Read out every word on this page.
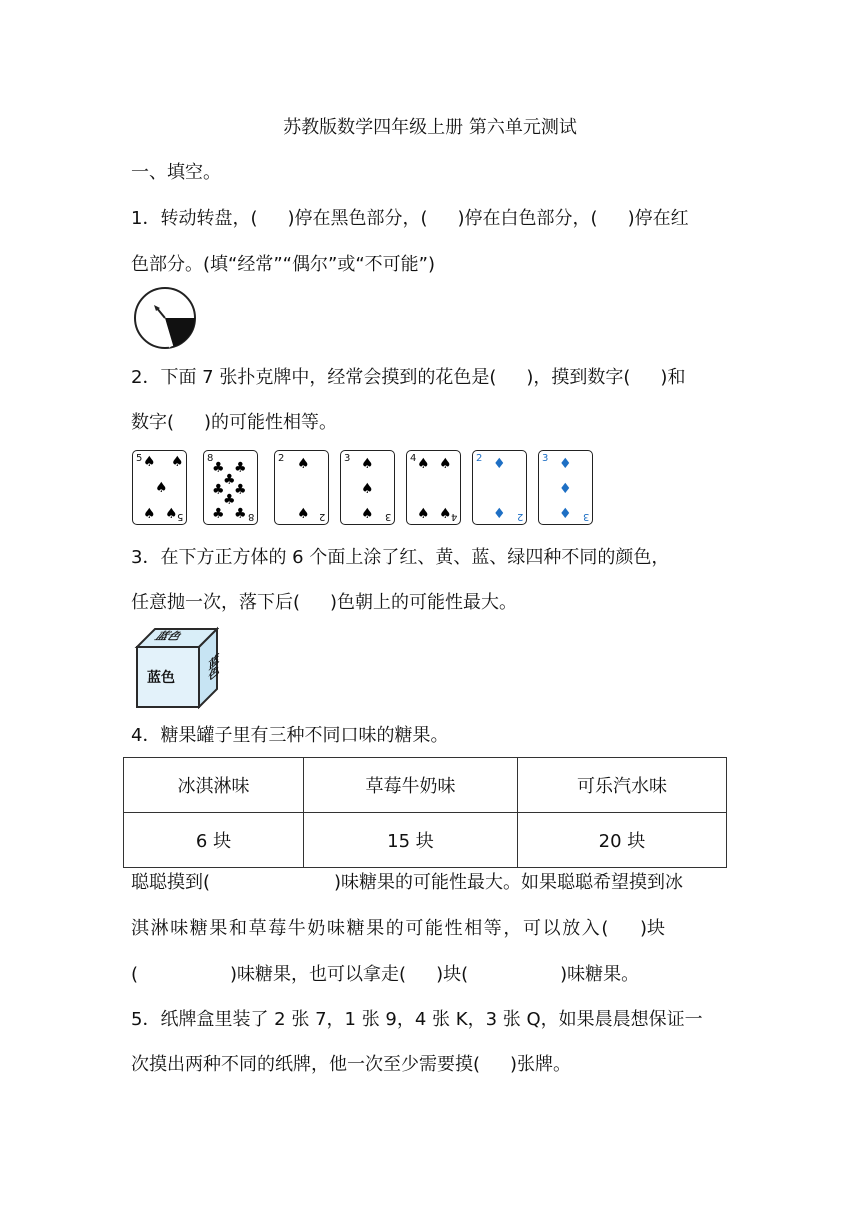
苏教版数学四年级上册 第六单元测试
一、填空。
1．转动转盘，( )停在黑色部分，( )停在白色部分，( )停在红
色部分。(填“经常”“偶尔”或“不可能”)
2．下面 7 张扑克牌中，经常会摸到的花色是( )，摸到数字( )和
数字( )的可能性相等。
5 ♠ ♠
♠
♠ ♠ 5
8
♣ ♣
♣
♣ ♣
♣
♣ ♣ 8
2 ♠
♠ 2
3 ♠
♠
♠ 3
4 ♠ ♠
♠ ♠ 4
2 ♦
♦ 2
3 ♦
♦
♦ 3
3．在下方正方体的 6 个面上涂了红、黄、蓝、绿四种不同的颜色，
任意抛一次，落下后( )色朝上的可能性最大。
蓝色
蓝色	蓝色
4．糖果罐子里有三种不同口味的糖果。
冰淇淋味	草莓牛奶味	可乐汽水味
6 块	15 块	20 块
聪聪摸到(	)味糖果的可能性最大。如果聪聪希望摸到冰
淇淋味糖果和草莓牛奶味糖果的可能性相等，可以放入( )块
(	)味糖果，也可以拿走( )块(	)味糖果。
5．纸牌盒里装了 2 张 7，1 张 9，4 张 K，3 张 Q，如果晨晨想保证一
次摸出两种不同的纸牌，他一次至少需要摸( )张牌。
